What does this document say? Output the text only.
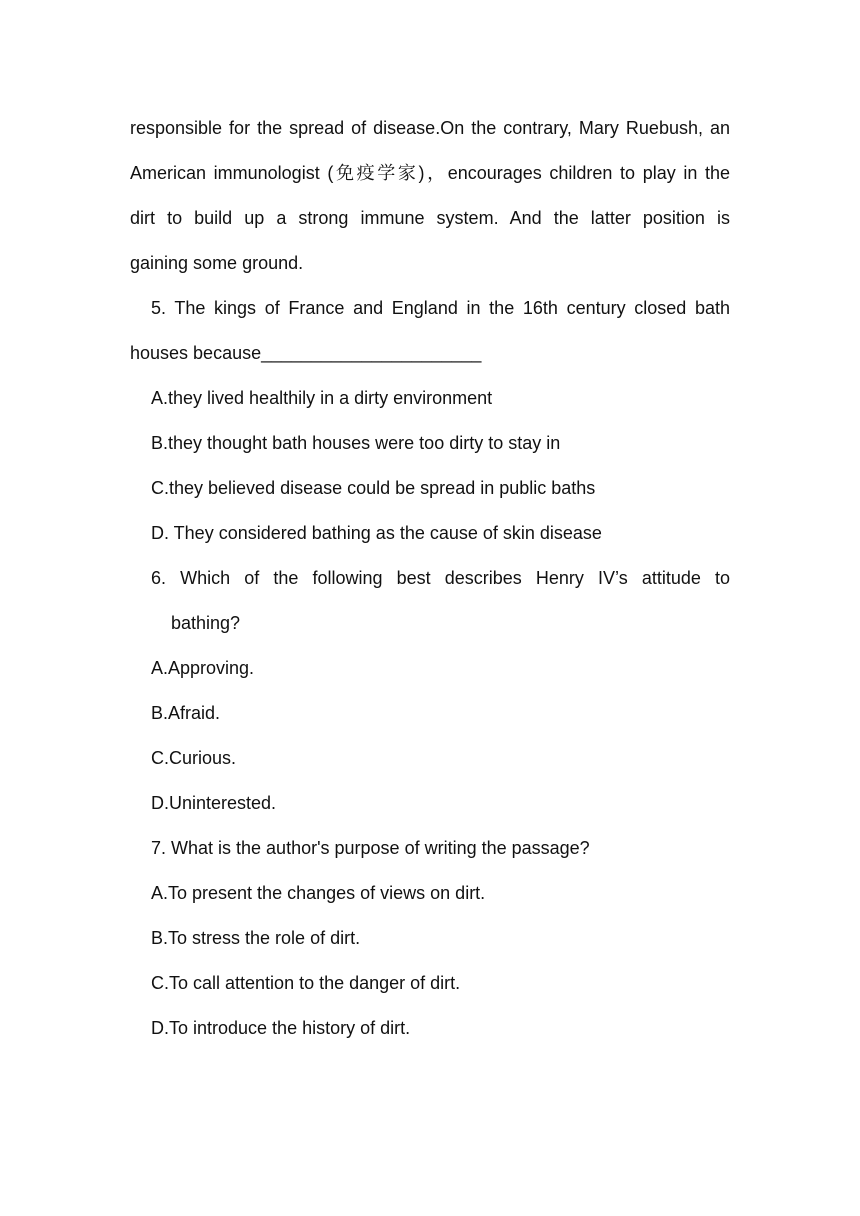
responsible for the spread of disease.On the contrary, Mary Ruebush, an
American immunologist (免疫学家)，encourages children to play in the
dirt to build up a strong immune system. And the latter position is
gaining some ground.
5. The kings of France and England in the 16th century closed bath
houses because______________________
A.they lived healthily in a dirty environment
B.they thought bath houses were too dirty to stay in
C.they believed disease could be spread in public baths
D. They considered bathing as the cause of skin disease
6. Which of the following best describes Henry IV’s attitude to
bathing?
A.Approving.
B.Afraid.
C.Curious.
D.Uninterested.
7. What is the author's purpose of writing the passage?
A.To present the changes of views on dirt.
B.To stress the role of dirt.
C.To call attention to the danger of dirt.
D.To introduce the history of dirt.
